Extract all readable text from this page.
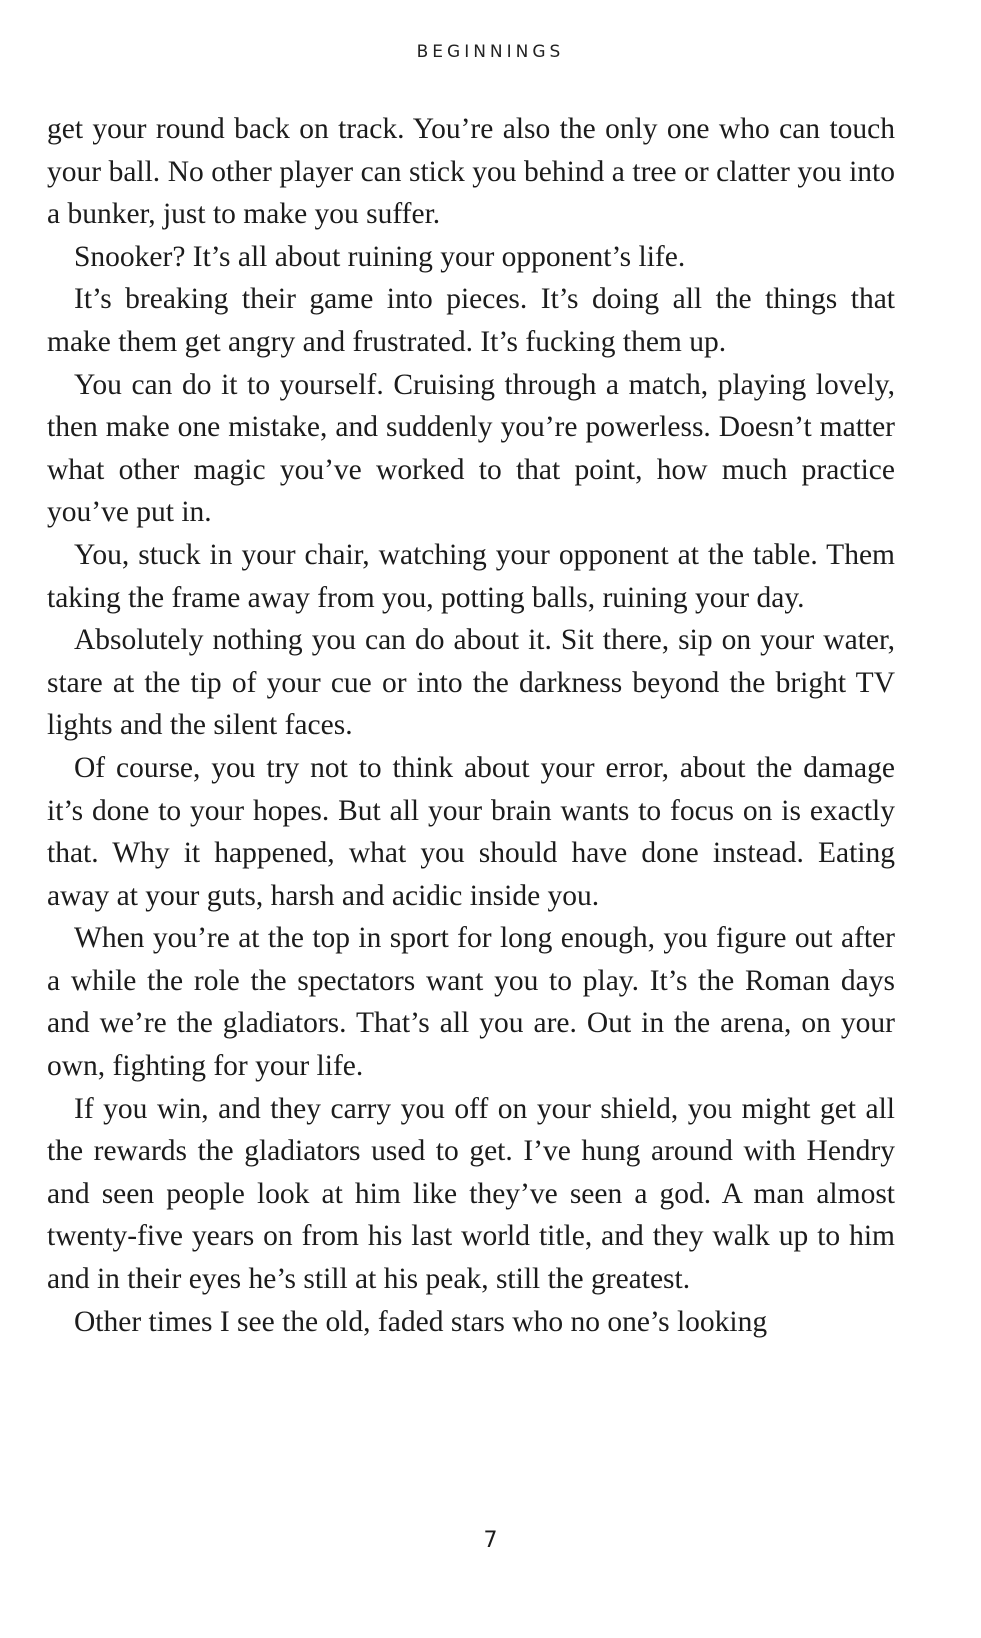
BEGINNINGS

get your round back on track. You’re also the only one who can touch your ball. No other player can stick you behind a tree or clatter you into a bunker, just to make you suffer.

Snooker? It’s all about ruining your opponent’s life.

It’s breaking their game into pieces. It’s doing all the things that make them get angry and frustrated. It’s fucking them up.

You can do it to yourself. Cruising through a match, playing lovely, then make one mistake, and suddenly you’re powerless. Doesn’t matter what other magic you’ve worked to that point, how much practice you’ve put in.

You, stuck in your chair, watching your opponent at the table. Them taking the frame away from you, potting balls, ruining your day.

Absolutely nothing you can do about it. Sit there, sip on your water, stare at the tip of your cue or into the darkness beyond the bright TV lights and the silent faces.

Of course, you try not to think about your error, about the damage it’s done to your hopes. But all your brain wants to focus on is exactly that. Why it happened, what you should have done instead. Eating away at your guts, harsh and acidic inside you.

When you’re at the top in sport for long enough, you figure out after a while the role the spectators want you to play. It’s the Roman days and we’re the gladiators. That’s all you are. Out in the arena, on your own, fighting for your life.

If you win, and they carry you off on your shield, you might get all the rewards the gladiators used to get. I’ve hung around with Hendry and seen people look at him like they’ve seen a god. A man almost twenty-five years on from his last world title, and they walk up to him and in their eyes he’s still at his peak, still the greatest.

Other times I see the old, faded stars who no one’s looking

7
